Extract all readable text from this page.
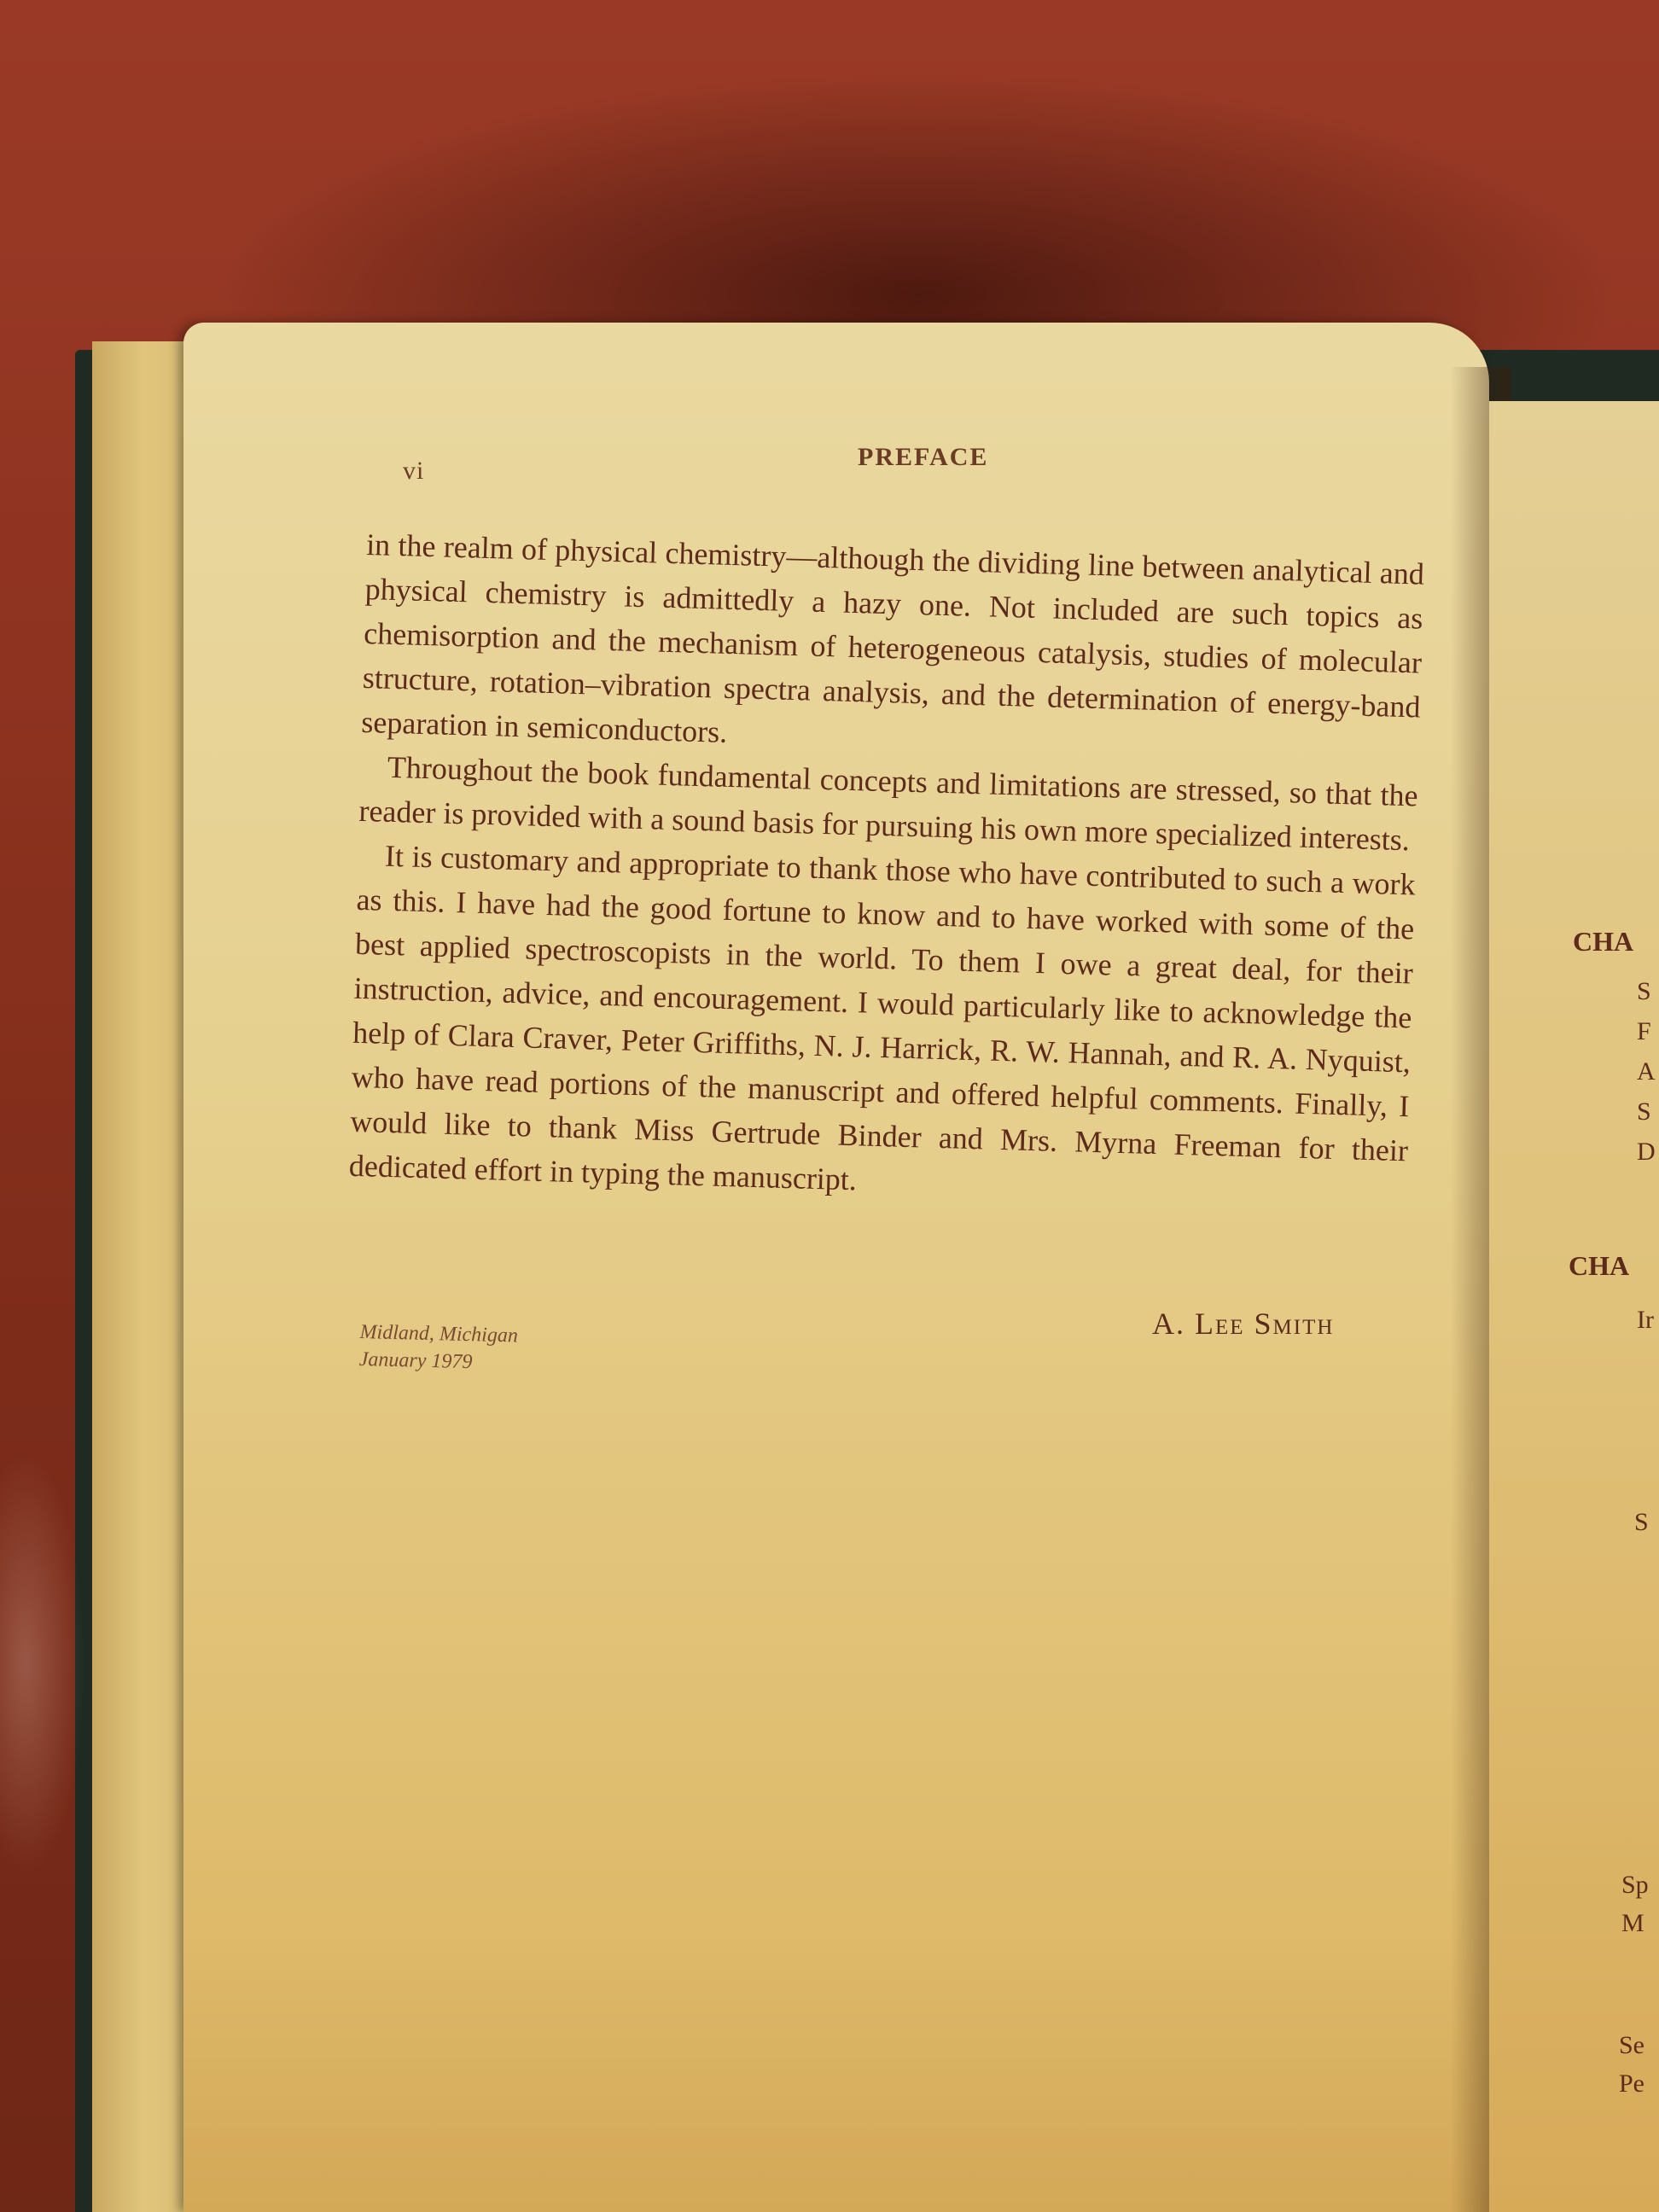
CHA
S
F
A
S
D
CHA
Ir
S
Sp
M
Se
Pe
vi	PREFACE

in the realm of physical chemistry—although the dividing line between analytical and physical chemistry is admittedly a hazy one. Not included are such topics as chemisorption and the mechanism of heterogeneous catalysis, studies of molecular structure, rotation–vibration spectra analysis, and the determination of energy-band separation in semiconductors.

Throughout the book fundamental concepts and limitations are stressed, so that the reader is provided with a sound basis for pursuing his own more specialized interests.

It is customary and appropriate to thank those who have contributed to such a work as this. I have had the good fortune to know and to have worked with some of the best applied spectroscopists in the world. To them I owe a great deal, for their instruction, advice, and encouragement. I would particularly like to acknowledge the help of Clara Craver, Peter Griffiths, N. J. Harrick, R. W. Hannah, and R. A. Nyquist, who have read portions of the manuscript and offered helpful comments. Finally, I would like to thank Miss Gertrude Binder and Mrs. Myrna Freeman for their dedicated effort in typing the manuscript.

Midland, Michigan
January 1979
A. Lee Smith
